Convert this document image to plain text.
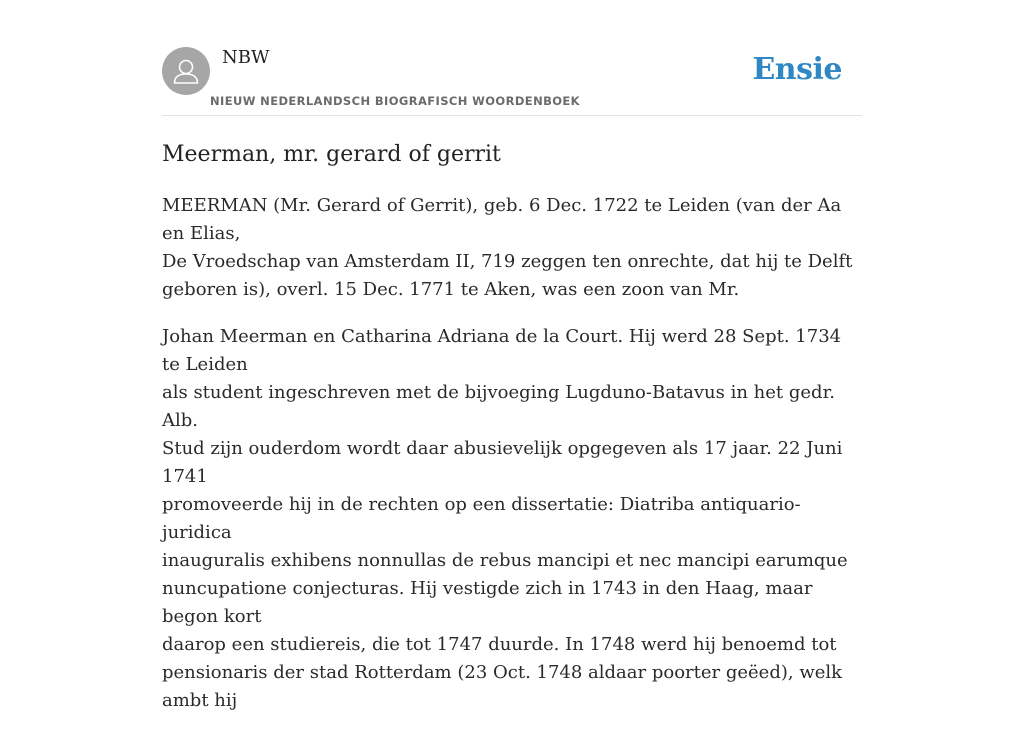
NBW
NIEUW NEDERLANDSCH BIOGRAFISCH WOORDENBOEK
Ensie
Meerman, mr. gerard of gerrit

MEERMAN (Mr. Gerard of Gerrit), geb. 6 Dec. 1722 te Leiden (van der Aa en Elias,
De Vroedschap van Amsterdam II, 719 zeggen ten onrechte, dat hij te Delft
geboren is), overl. 15 Dec. 1771 te Aken, was een zoon van Mr.

Johan Meerman en Catharina Adriana de la Court. Hij werd 28 Sept. 1734 te Leiden
als student ingeschreven met de bijvoeging Lugduno-Batavus in het gedr. Alb.
Stud zijn ouderdom wordt daar abusievelijk opgegeven als 17 jaar. 22 Juni 1741
promoveerde hij in de rechten op een dissertatie: Diatriba antiquario-juridica
inauguralis exhibens nonnullas de rebus mancipi et nec mancipi earumque
nuncupatione conjecturas. Hij vestigde zich in 1743 in den Haag, maar begon kort
daarop een studiereis, die tot 1747 duurde. In 1748 werd hij benoemd tot
pensionaris der stad Rotterdam (23 Oct. 1748 aldaar poorter geëed), welk ambt hij
